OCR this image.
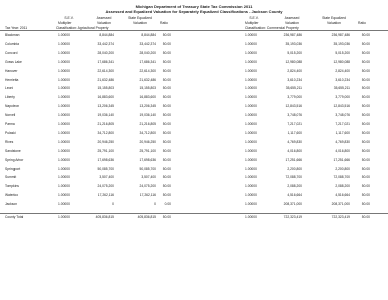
Michigan Department of Treasury State Tax Commission 2011
Assessed and Equalized Valuation for Separately Equalized Classifications - Jackson County
S.E.V.	Assessed	State Equalized	S.E.V.	Assessed	State Equalized
Multiplier	Valuation	Valuation	Ratio	Multiplier	Valuation	Valuation	Ratio
Tax Year: 2011	Classification: Agricultural Property	Classification: Commercial Property
Blackman	1.00000	8,844,884	8,844,884 50.00	1.00000	236,987,486	236,987,486	50.00
Columbia	1.00000	33,442,374	33,442,374 50.00	1.00000	35,193,036	35,193,036	50.00
Concord	1.00000	28,040,200	28,040,200 50.00	1.00000	5,015,200	5,015,200	50.00
Grass Lake	1.00000	17,686,341	17,686,341 50.00	1.00000	12,980,088	12,980,088	50.00
Hanover	1.00000	22,614,300	22,614,300 50.00	1.00000	2,824,400	2,824,400	50.00
Henrietta	1.00000	21,632,486	21,632,486 50.00	1.00000	3,610,234	3,610,234	50.00
Leoni	1.00000	15,155,803	15,155,803 50.00	1.00000	35,655,211	35,655,211	50.00
Liberty	1.00000	16,883,600	16,883,600 50.00	1.00000	3,779,000	3,779,000	50.00
Napoleon	1.00000	13,206,345	13,206,345 50.00	1.00000	12,843,516	12,843,516	50.00
Norvell	1.00000	19,036,140	19,036,140 50.00	1.00000	3,748,076	3,748,076	50.00
Parma	1.00000	21,216,805	21,216,805 50.00	1.00000	7,217,021	7,217,021	50.00
Pulaski	1.00000	34,712,800	34,712,800 50.00	1.00000	1,117,600	1,117,600	50.00
Rives	1.00000	20,946,250	20,946,250 50.00	1.00000	4,769,830	4,769,830	50.00
Sandstone	1.00000	25,791,100	25,791,100 50.00	1.00000	4,016,800	4,016,800	50.00
Spring Arbor	1.00000	17,698,636	17,698,636 50.00	1.00000	17,251,666	17,251,666	50.00
Springport	1.00000	50,085,700	50,085,700 50.00	1.00000	2,200,800	2,200,800	50.00
Summit	1.00000	3,507,400	3,507,400 50.00	1.00000	72,088,700	72,088,700	50.00
Tompkins	1.00000	24,075,200	24,075,200 50.00	1.00000	2,088,200	2,088,200	50.00
Waterloo	1.00000	17,262,116	17,262,116 50.00	1.00000	4,516,664	4,516,664	50.00
Jackson	1.00000	0	0	0.00	1.00000	208,371,000	208,371,000	50.00
County Total	1.00000	405,836,815	405,836,815 50.00	1.00000	722,323,419	722,323,419	50.00
